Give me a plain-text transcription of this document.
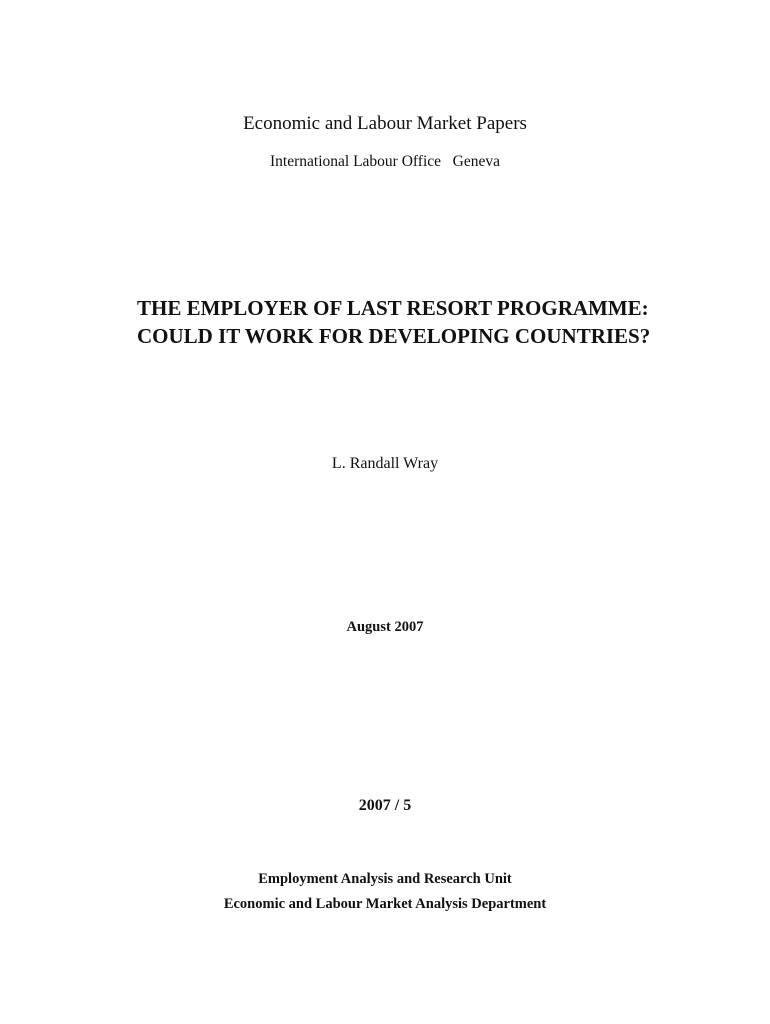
Economic and Labour Market Papers

International Labour Office   Geneva

THE EMPLOYER OF LAST RESORT PROGRAMME:
COULD IT WORK FOR DEVELOPING COUNTRIES?

L. Randall Wray

August 2007

2007 / 5

Employment Analysis and Research Unit

Economic and Labour Market Analysis Department
